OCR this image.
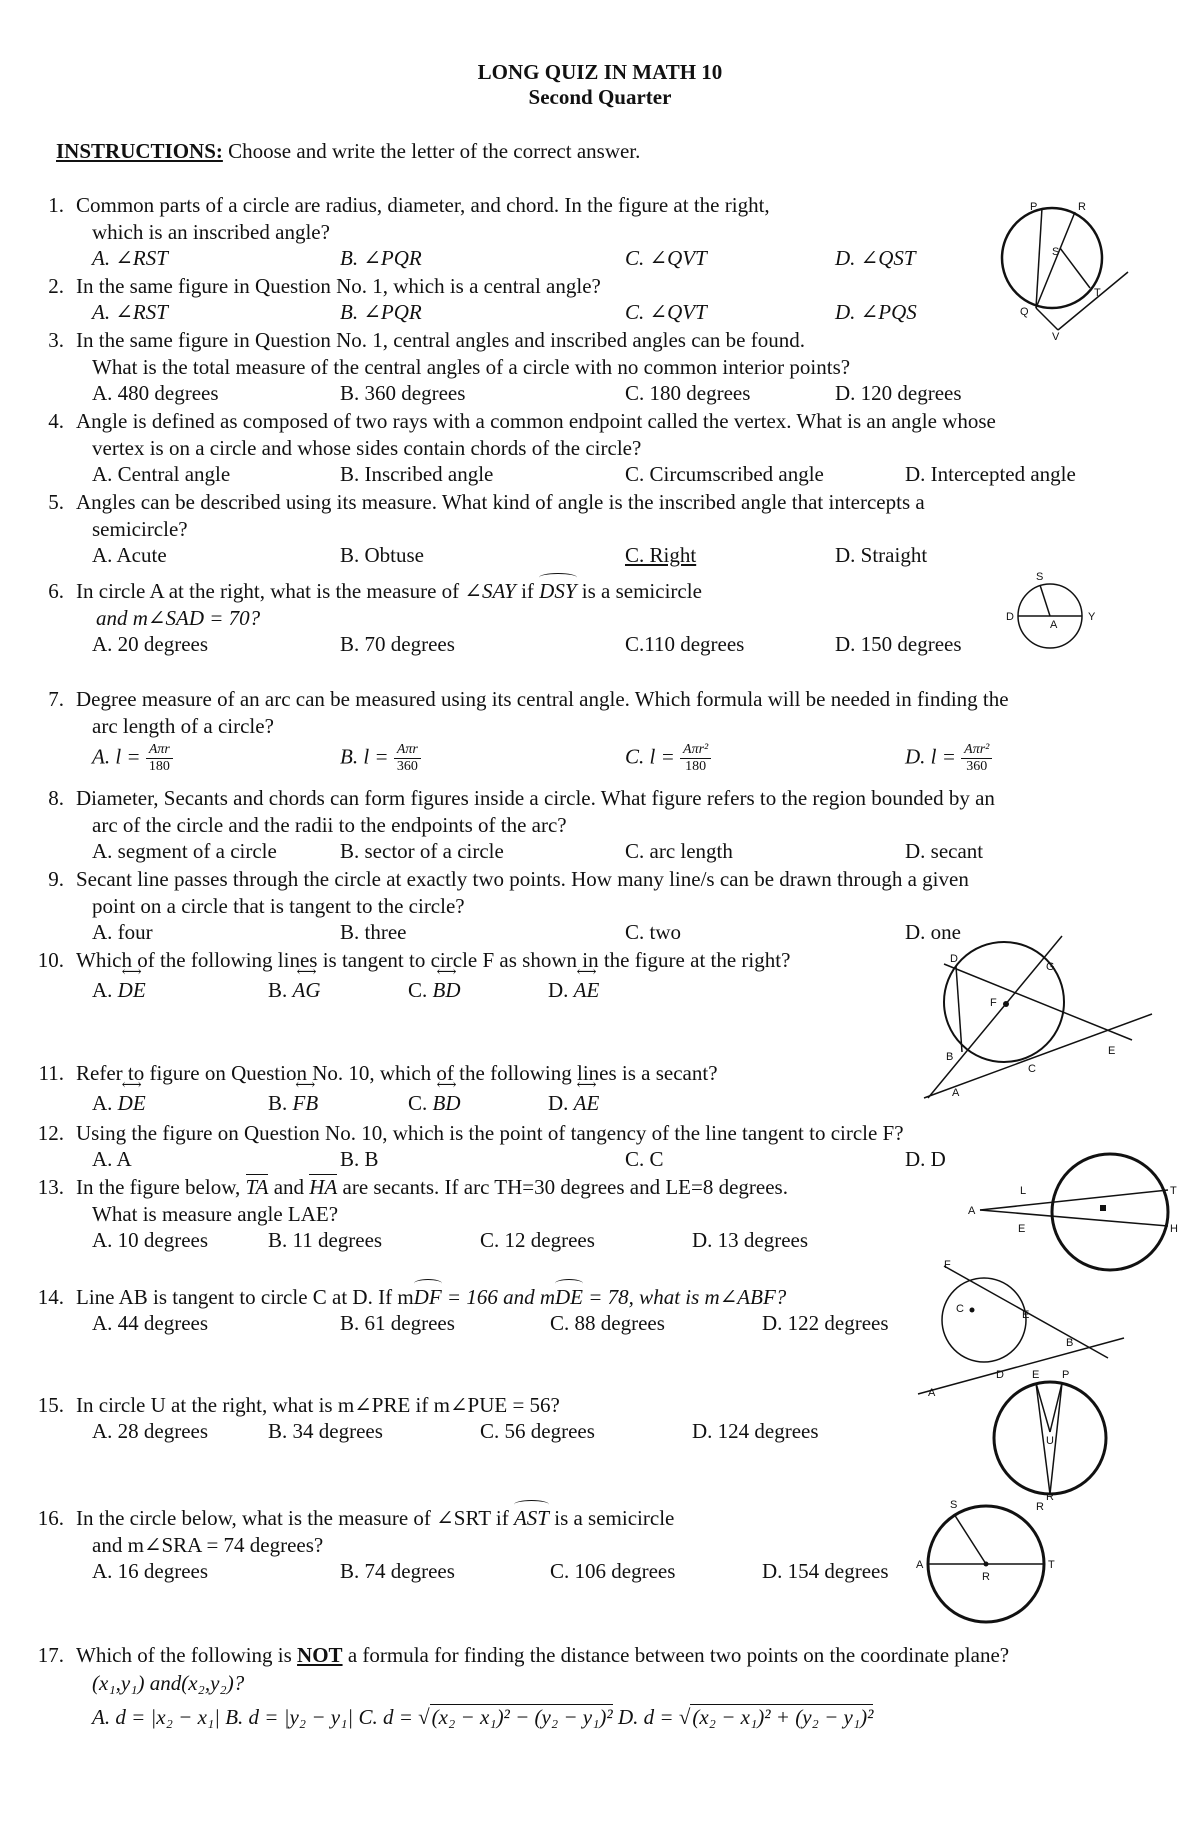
LONG QUIZ IN MATH 10
Second Quarter
INSTRUCTIONS: Choose and write the letter of the correct answer.
1. Common parts of a circle are radius, diameter, and chord. In the figure at the right,
which is an inscribed angle?
A. ∠RST	B. ∠PQR	C. ∠QVT	D. ∠QST
2. In the same figure in Question No. 1, which is a central angle?
A. ∠RST	B. ∠PQR	C. ∠QVT	D. ∠PQS
3. In the same figure in Question No. 1, central angles and inscribed angles can be found.
What is the total measure of the central angles of a circle with no common interior points?
A. 480 degrees	B. 360 degrees	C. 180 degrees	D. 120 degrees
4. Angle is defined as composed of two rays with a common endpoint called the vertex. What is an angle whose
vertex is on a circle and whose sides contain chords of the circle?
A. Central angle	B. Inscribed angle	C. Circumscribed angle	D. Intercepted angle
5. Angles can be described using its measure. What kind of angle is the inscribed angle that intercepts a
semicircle?
A. Acute	B. Obtuse	C. Right	D. Straight
6. In circle A at the right, what is the measure of ∠SAY if
DSY is a semicircle
and m∠SAD = 70?
A. 20 degrees	B. 70 degrees	C.110 degrees	D. 150 degrees
7. Degree measure of an arc can be measured using its central angle. Which formula will be needed in finding the
arc length of a circle?
A. $l = \frac{\text{Aπr}}{180}$	B. $l = \frac{\text{Aπr}}{360}$	C. $l = \frac{\text{Aπr²}}{180}$	D. $l = \frac{\text{Aπr²}}{360}$
8. Diameter, Secants and chords can form figures inside a circle. What figure refers to the region bounded by an
arc of the circle and the radii to the endpoints of the arc?
A. segment of a circle	B. sector of a circle	C. arc length	D. secant
9. Secant line passes through the circle at exactly two points. How many line/s can be drawn through a given
point on a circle that is tangent to the circle?
A. four	B. three	C. two	D. one
10. Which of the following lines is tangent to circle F as shown in the figure at the right?
A. ⟷ DE	B. ⟷ AG	C. ⟷ BD	D. ⟷ AE
11. Refer to figure on Question No. 10, which of the following lines is a secant?
A. ⟷ DE	B. ⟷ FB	C. ⟷ BD	D. ⟷ AE
12. Using the figure on Question No. 10, which is the point of tangency of the line tangent to circle F?
A. A	B. B	C. C	D. D
13. In the figure below, TA and HA are secants. If arc TH=30 degrees and LE=8 degrees.
What is measure angle LAE?
A. 10 degrees	B. 11 degrees	C. 12 degrees	D. 13 degrees
14. Line AB is tangent to circle C at D. If m
DF = 166 and m
DE = 78, what is m∠ABF?
A. 44 degrees	B. 61 degrees	C. 88 degrees	D. 122 degrees
15. In circle U at the right, what is m∠PRE if m∠PUE = 56?
A. 28 degrees	B. 34 degrees	C. 56 degrees	D. 124 degrees
16. In the circle below, what is the measure of ∠SRT if
AST is a semicircle
and m∠SRA = 74 degrees?
A. 16 degrees	B. 74 degrees	C. 106 degrees	D. 154 degrees
17. Which of the following is NOT a formula for finding the distance between two points on the coordinate plane?
(x₁,y₁) and(x₂,y₂)?
A. d = |x₂ − x₁| B. d = |y₂ − y₁| C. d = √(x₂ − x₁)² − (y₂ − y₁)² D. d = √(x₂ − x₁)² + (y₂ − y₁)²
P	R
S
T
Q
V
S
D
A
Y
D
G
F
E
B
C
A
L	T
A
E	H
F
C	E
B
D
A
E P
U
R
S	R
A	T
R
